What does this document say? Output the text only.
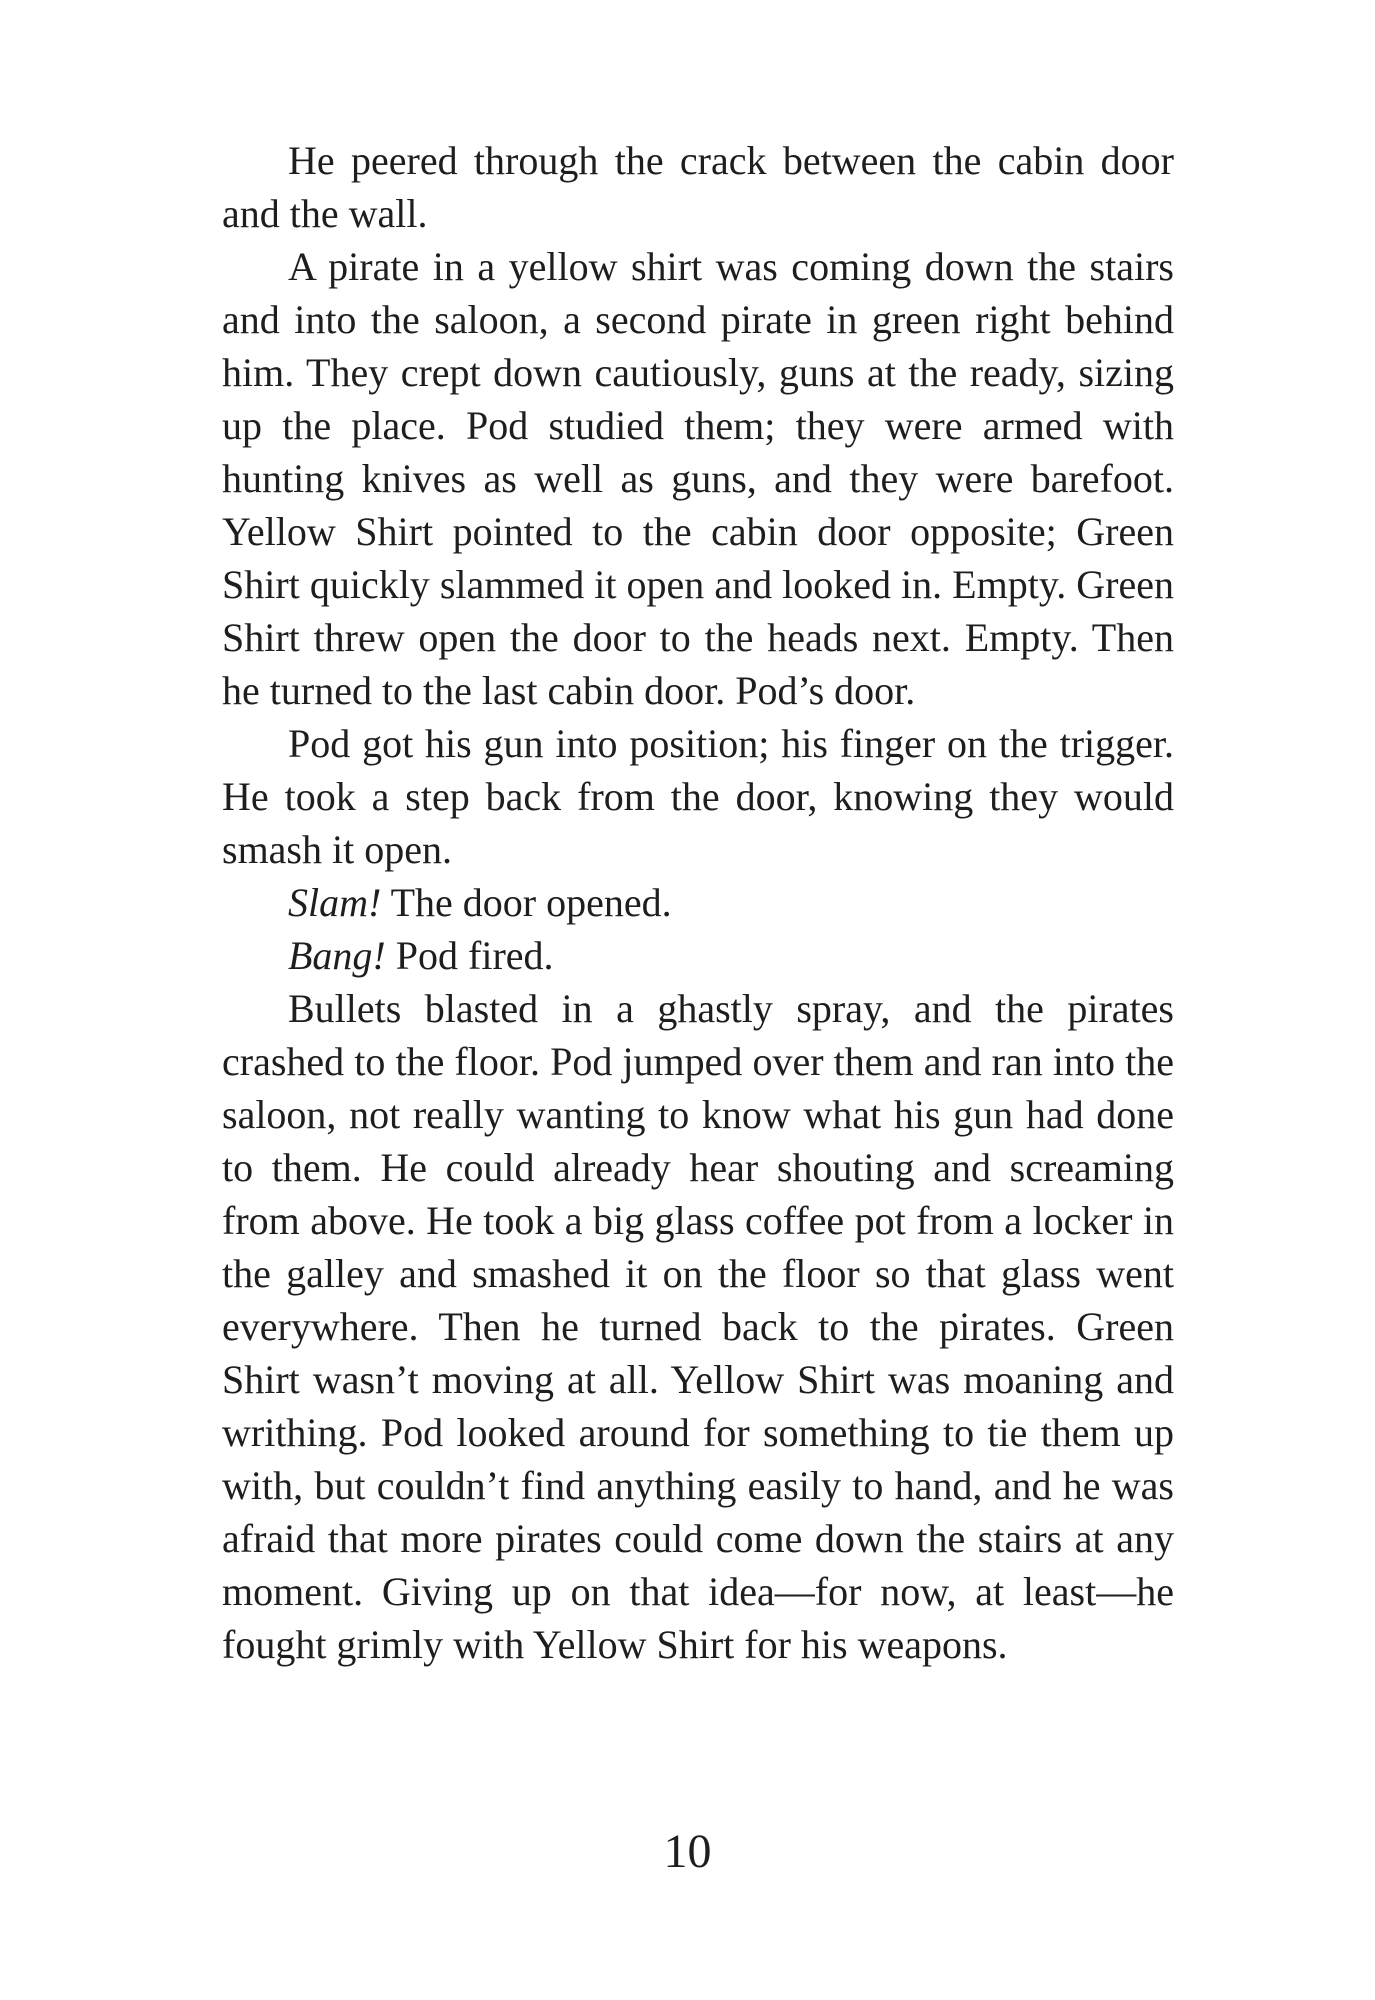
He peered through the crack between the cabin door and the wall.

A pirate in a yellow shirt was coming down the stairs and into the saloon, a second pirate in green right behind him. They crept down cautiously, guns at the ready, sizing up the place. Pod studied them; they were armed with hunting knives as well as guns, and they were barefoot. Yellow Shirt pointed to the cabin door opposite; Green Shirt quickly slammed it open and looked in. Empty. Green Shirt threw open the door to the heads next. Empty. Then he turned to the last cabin door. Pod’s door.

Pod got his gun into position; his finger on the trigger. He took a step back from the door, knowing they would smash it open.

Slam! The door opened.

Bang! Pod fired.

Bullets blasted in a ghastly spray, and the pirates crashed to the floor. Pod jumped over them and ran into the saloon, not really wanting to know what his gun had done to them. He could already hear shouting and screaming from above. He took a big glass coffee pot from a locker in the galley and smashed it on the floor so that glass went everywhere. Then he turned back to the pirates. Green Shirt wasn’t moving at all. Yellow Shirt was moaning and writhing. Pod looked around for something to tie them up with, but couldn’t find anything easily to hand, and he was afraid that more pirates could come down the stairs at any moment. Giving up on that idea—for now, at least—he fought grimly with Yellow Shirt for his weapons.

10
